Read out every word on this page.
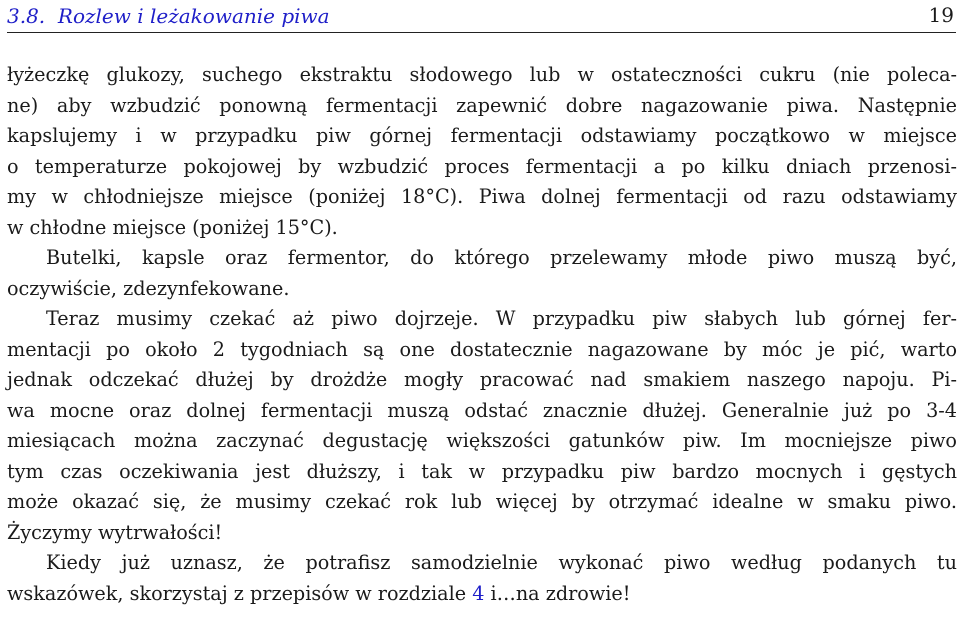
3.8. Rozlew i leżakowanie piwa	19
łyżeczkę glukozy, suchego ekstraktu słodowego lub w ostateczności cukru (nie poleca-
ne) aby wzbudzić ponowną fermentacji zapewnić dobre nagazowanie piwa. Następnie
kapslujemy i w przypadku piw górnej fermentacji odstawiamy początkowo w miejsce
o temperaturze pokojowej by wzbudzić proces fermentacji a po kilku dniach przenosi-
my w chłodniejsze miejsce (poniżej 18°C). Piwa dolnej fermentacji od razu odstawiamy
w chłodne miejsce (poniżej 15°C).
Butelki, kapsle oraz fermentor, do którego przelewamy młode piwo muszą być,
oczywiście, zdezynfekowane.
Teraz musimy czekać aż piwo dojrzeje. W przypadku piw słabych lub górnej fer-
mentacji po około 2 tygodniach są one dostatecznie nagazowane by móc je pić, warto
jednak odczekać dłużej by drożdże mogły pracować nad smakiem naszego napoju. Pi-
wa mocne oraz dolnej fermentacji muszą odstać znacznie dłużej. Generalnie już po 3-4
miesiącach można zaczynać degustację większości gatunków piw. Im mocniejsze piwo
tym czas oczekiwania jest dłuższy, i tak w przypadku piw bardzo mocnych i gęstych
może okazać się, że musimy czekać rok lub więcej by otrzymać idealne w smaku piwo.
Życzymy wytrwałości!
Kiedy już uznasz, że potrafisz samodzielnie wykonać piwo według podanych tu
wskazówek, skorzystaj z przepisów w rozdziale 4 i…na zdrowie!
